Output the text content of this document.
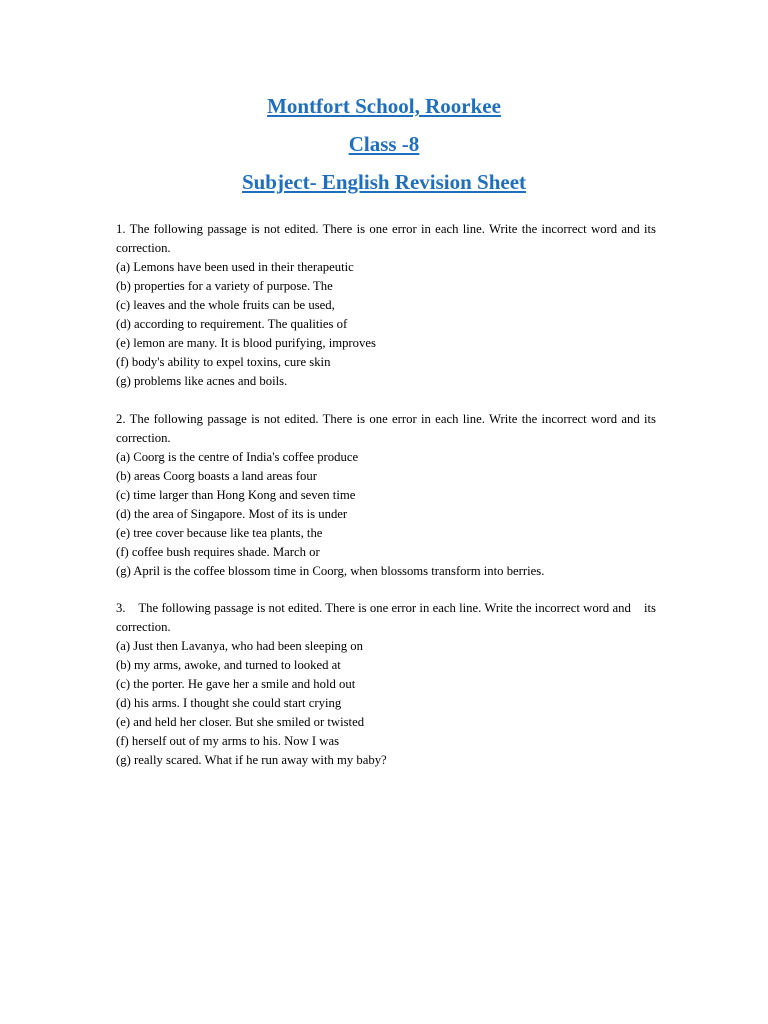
Montfort School, Roorkee
Class -8
Subject- English Revision Sheet
1. The following passage is not edited. There is one error in each line. Write the incorrect word and its correction.
(a) Lemons have been used in their therapeutic
(b) properties for a variety of purpose. The
(c) leaves and the whole fruits can be used,
(d) according to requirement. The qualities of
(e) lemon are many. It is blood purifying, improves
(f) body's ability to expel toxins, cure skin
(g) problems like acnes and boils.
2. The following passage is not edited. There is one error in each line. Write the incorrect word and its correction.
(a) Coorg is the centre of India's coffee produce
(b) areas Coorg boasts a land areas four
(c) time larger than Hong Kong and seven time
(d) the area of Singapore. Most of its is under
(e) tree cover because like tea plants, the
(f) coffee bush requires shade. March or
(g) April is the coffee blossom time in Coorg, when blossoms transform into berries.
3.    The following passage is not edited. There is one error in each line. Write the incorrect word and    its correction.
(a) Just then Lavanya, who had been sleeping on
(b) my arms, awoke, and turned to looked at
(c) the porter. He gave her a smile and hold out
(d) his arms. I thought she could start crying
(e) and held her closer. But she smiled or twisted
(f) herself out of my arms to his. Now I was
(g) really scared. What if he run away with my baby?
